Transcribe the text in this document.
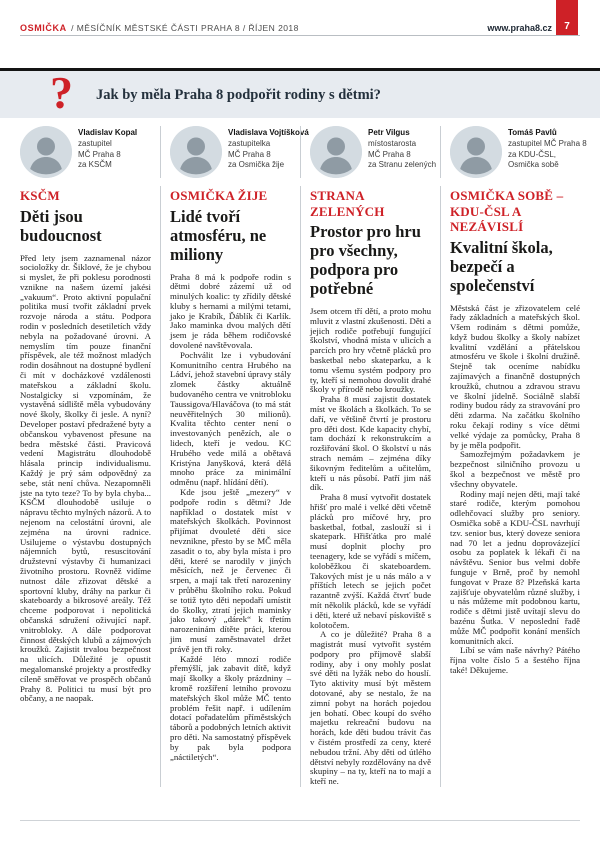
OSMIČKA / MĚSÍČNÍK MĚSTSKÉ ČÁSTI PRAHA 8 / ŘÍJEN 2018	www.praha8.cz 7
? Jak by měla Praha 8 podpořit rodiny s dětmi?
Vladislav Kopal
zastupitel
MČ Praha 8
za KSČM
Vladislava Vojtíšková
zastupitelka
MČ Praha 8
za Osmička žije
Petr Vilgus
místostarosta
MČ Praha 8
za Stranu zelených
Tomáš Pavlů
zastupitel MČ Praha 8
za KDU-ČSL,
Osmička sobě
KSČM
Děti jsou budoucnost

Před lety jsem zaznamenal názor socioložky dr. Šiklové, že je chybou si myslet, že při poklesu porodnosti vznikne na našem území jakési „vakuum“. Proto aktivní populační politika musí tvořit základní prvek rozvoje národa a státu. Podpora rodin v posledních desetiletích vždy nebyla na požadované úrovni. A nemyslím tím pouze finanční příspěvek, ale též možnost mladých rodin dosáhnout na dostupné bydlení či mít v docházkové vzdálenosti mateřskou a základní školu. Nostalgicky si vzpomínám, že vystavěná sídliště měla vybudovány nové školy, školky či jesle. A nyní? Developer postaví předražené byty a občanskou vybavenost přesune na bedra městské části. Pravicová vedení Magistrátu dlouhodobě hlásala princip individualismu. Každý je prý sám odpovědný za sebe, stát není chůva. Nezapomněli jste na tyto teze? To by byla chyba... KSČM dlouhodobě usiluje o nápravu těchto mylných názorů. A to nejenom na celostátní úrovni, ale zejména na úrovni radnice. Usilujeme o výstavbu dostupných nájemních bytů, resuscitování družstevní výstavby či humanizaci životního prostoru. Rovněž vidíme nutnost dále zřizovat dětské a sportovní kluby, dráhy na parkur či skateboardy a bikrosové areály. Též chceme podporovat i nepolitická občanská sdružení oživující např. vnitrobloky. A dále podporovat činnost dětských klubů a zájmových kroužků. Zajistit trvalou bezpečnost na ulicích. Důležité je opustit megalomanské projekty a prostředky cíleně směřovat ve prospěch občanů Prahy 8. Politici tu musí být pro občany, a ne naopak.

OSMIČKA ŽIJE
Lidé tvoří atmosféru, ne miliony

Praha 8 má k podpoře rodin s dětmi dobré zázemí už od minulých koalic: ty zřídily dětské kluby s hernami a milými tetami, jako je Krabík, Ďáblík či Karlík. Jako maminka dvou malých dětí jsem je ráda během rodičovské dovolené navštěvovala.

Pochválit lze i vybudování Komunitního centra Hrubého na Ládví, jehož stavební úpravy stály zlomek částky aktuálně budovaného centra ve vnitrobloku Taussigova/Hlaváčova (to má stát neuvěřitelných 30 milionů). Kvalita těchto center není o investovaných penězích, ale o lidech, kteří je vedou. KC Hrubého vede milá a obětavá Kristýna Janyšková, která dělá mnoho práce za minimální odměnu (např. hlídání dětí).

Kde jsou ještě „mezery“ v podpoře rodin s dětmi? Jde například o dostatek míst v mateřských školkách. Povinnost přijímat dvouleté děti sice nevznikne, přesto by se MČ měla zasadit o to, aby byla místa i pro děti, které se narodily v jiných měsících, než je červenec či srpen, a mají tak třetí narozeniny v průběhu školního roku. Pokud se totiž tyto děti nepodaří umístit do školky, ztratí jejich maminky jako takový „dárek“ k třetím narozeninám dítěte práci, kterou jim musí zaměstnavatel držet právě jen tři roky.

Každé léto mnozí rodiče přemýšlí, jak zabavit dítě, když mají školky a školy prázdniny – kromě rozšíření letního provozu mateřských škol může MČ tento problém řešit např. i udílením dotací pořadatelům příměstských táborů a podobných letních aktivit pro děti. Na samostatný příspěvek by pak byla podpora „náctiletých“.

STRANA ZELENÝCH
Prostor pro hru pro všechny, podpora pro potřebné

Jsem otcem tří dětí, a proto mohu mluvit z vlastní zkušenosti. Děti a jejich rodiče potřebují fungující školství, vhodná místa v ulicích a parcích pro hry včetně plácků pro basketbal nebo skateparku, a k tomu všemu systém podpory pro ty, kteří si nemohou dovolit drahé školy v přírodě nebo kroužky.

Praha 8 musí zajistit dostatek míst ve školách a školkách. To se daří, ve většině čtvrtí je prostoru pro děti dost. Kde kapacity chybí, tam dochází k rekonstrukcím a rozšiřování škol. O školství u nás strach nemám – zejména díky šikovným ředitelům a učitelům, kteří u nás působí. Patří jim náš dík.

Praha 8 musí vytvořit dostatek hřišť pro malé i velké děti včetně plácků pro míčové hry, pro basketbal, fotbal, zaslouží si i skatepark. Hřišťátka pro malé musí doplnit plochy pro teenagery, kde se vyřádí s míčem, koloběžkou či skateboardem. Takových míst je u nás málo a v příštích letech se jejich počet razantně zvýší. Každá čtvrť bude mít několik plácků, kde se vyřádí i děti, které už nebaví pískoviště s kolotočem.

A co je důležité? Praha 8 a magistrát musí vytvořit systém podpory pro příjmově slabší rodiny, aby i ony mohly poslat své děti na lyžák nebo do houslí. Tyto aktivity musí být městem dotované, aby se nestalo, že na zimní pobyt na horách pojedou jen bohatí. Obec koupí do svého majetku rekreační budovu na horách, kde děti budou trávit čas v čistém prostředí za ceny, které nebudou tržní. Aby děti od útlého dětství nebyly rozdělovány na dvě skupiny – na ty, kteří na to mají a kteří ne.

OSMIČKA SOBĚ – KDU-ČSL A NEZÁVISLÍ
Kvalitní škola, bezpečí a společenství

Městská část je zřizovatelem celé řady základních a mateřských škol. Všem rodinám s dětmi pomůže, když budou školky a školy nabízet kvalitní vzdělání a přátelskou atmosféru ve škole i školní družině. Stejně tak oceníme nabídku zajímavých a finančně dostupných kroužků, chutnou a zdravou stravu ve školní jídelně. Sociálně slabší rodiny budou rády za stravování pro děti zdarma. Na začátku školního roku čekají rodiny s více dětmi velké výdaje za pomůcky, Praha 8 by je měla podpořit.

Samozřejmým požadavkem je bezpečnost silničního provozu u škol a bezpečnost ve městě pro všechny obyvatele.

Rodiny mají nejen děti, mají také staré rodiče, kterým pomohou odlehčovací služby pro seniory. Osmička sobě a KDU-ČSL navrhují tzv. senior bus, který doveze seniora nad 70 let a jednu doprovázející osobu za poplatek k lékaři či na návštěvu. Senior bus velmi dobře funguje v Brně, proč by nemohl fungovat v Praze 8? Plzeňská karta zajišťuje obyvatelům různé služby, i u nás můžeme mít podobnou kartu, rodiče s dětmi jistě uvítají slevu do bazénu Šutka. V neposlední řadě může MČ podpořit konání menších komunitních akcí.

Líbí se vám naše návrhy? Pátého října volte číslo 5 a šestého října také! Děkujeme.
